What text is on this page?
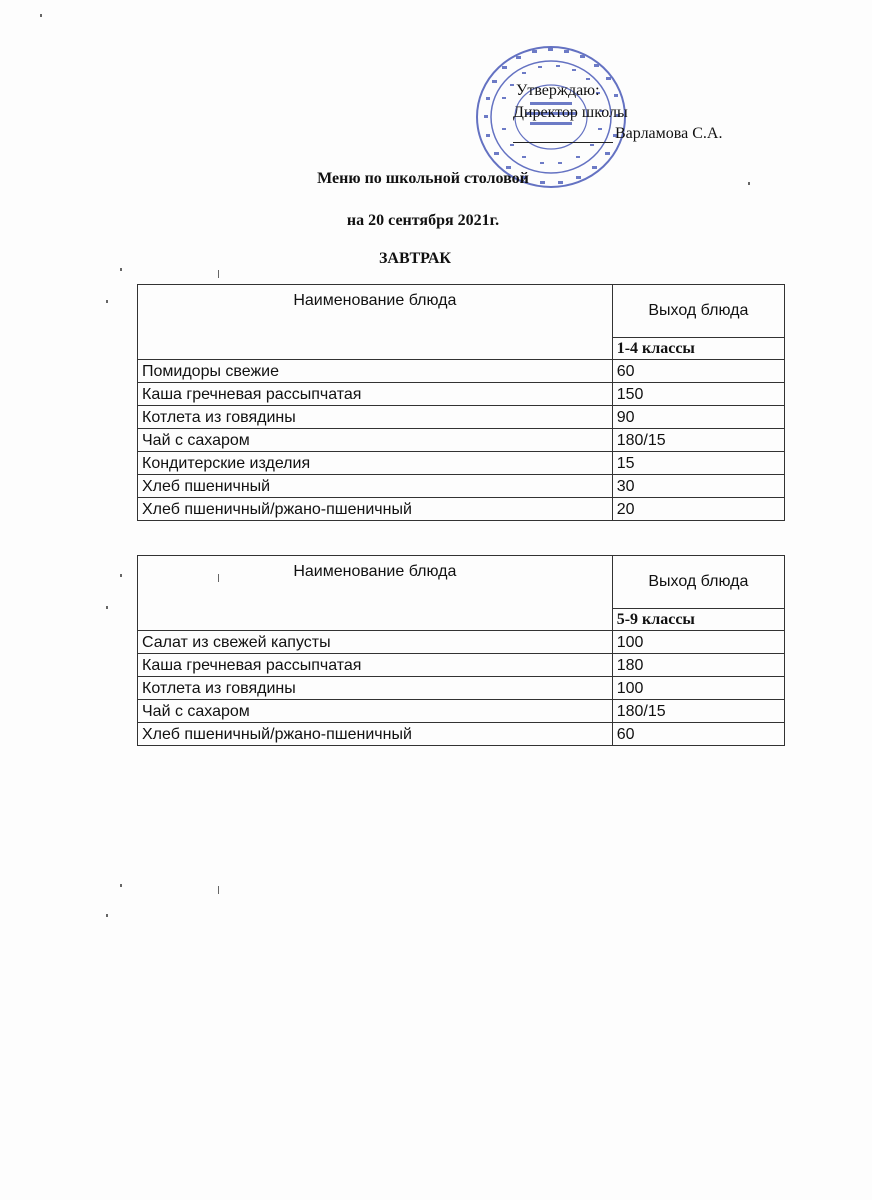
Утверждаю:
Директор школы
Варламова С.А.
Меню по школьной столовой
на 20 сентября 2021г.
ЗАВТРАК
Наименование блюда	Выход блюда
	1-4 классы
Помидоры свежие	60
Каша гречневая рассыпчатая	150
Котлета из говядины	90
Чай с сахаром	180/15
Кондитерские изделия	15
Хлеб пшеничный	30
Хлеб пшеничный/ржано-пшеничный	20
Наименование блюда	Выход блюда
	5-9 классы
Салат из свежей капусты	100
Каша гречневая рассыпчатая	180
Котлета из говядины	100
Чай с сахаром	180/15
Хлеб пшеничный/ржано-пшеничный	60
